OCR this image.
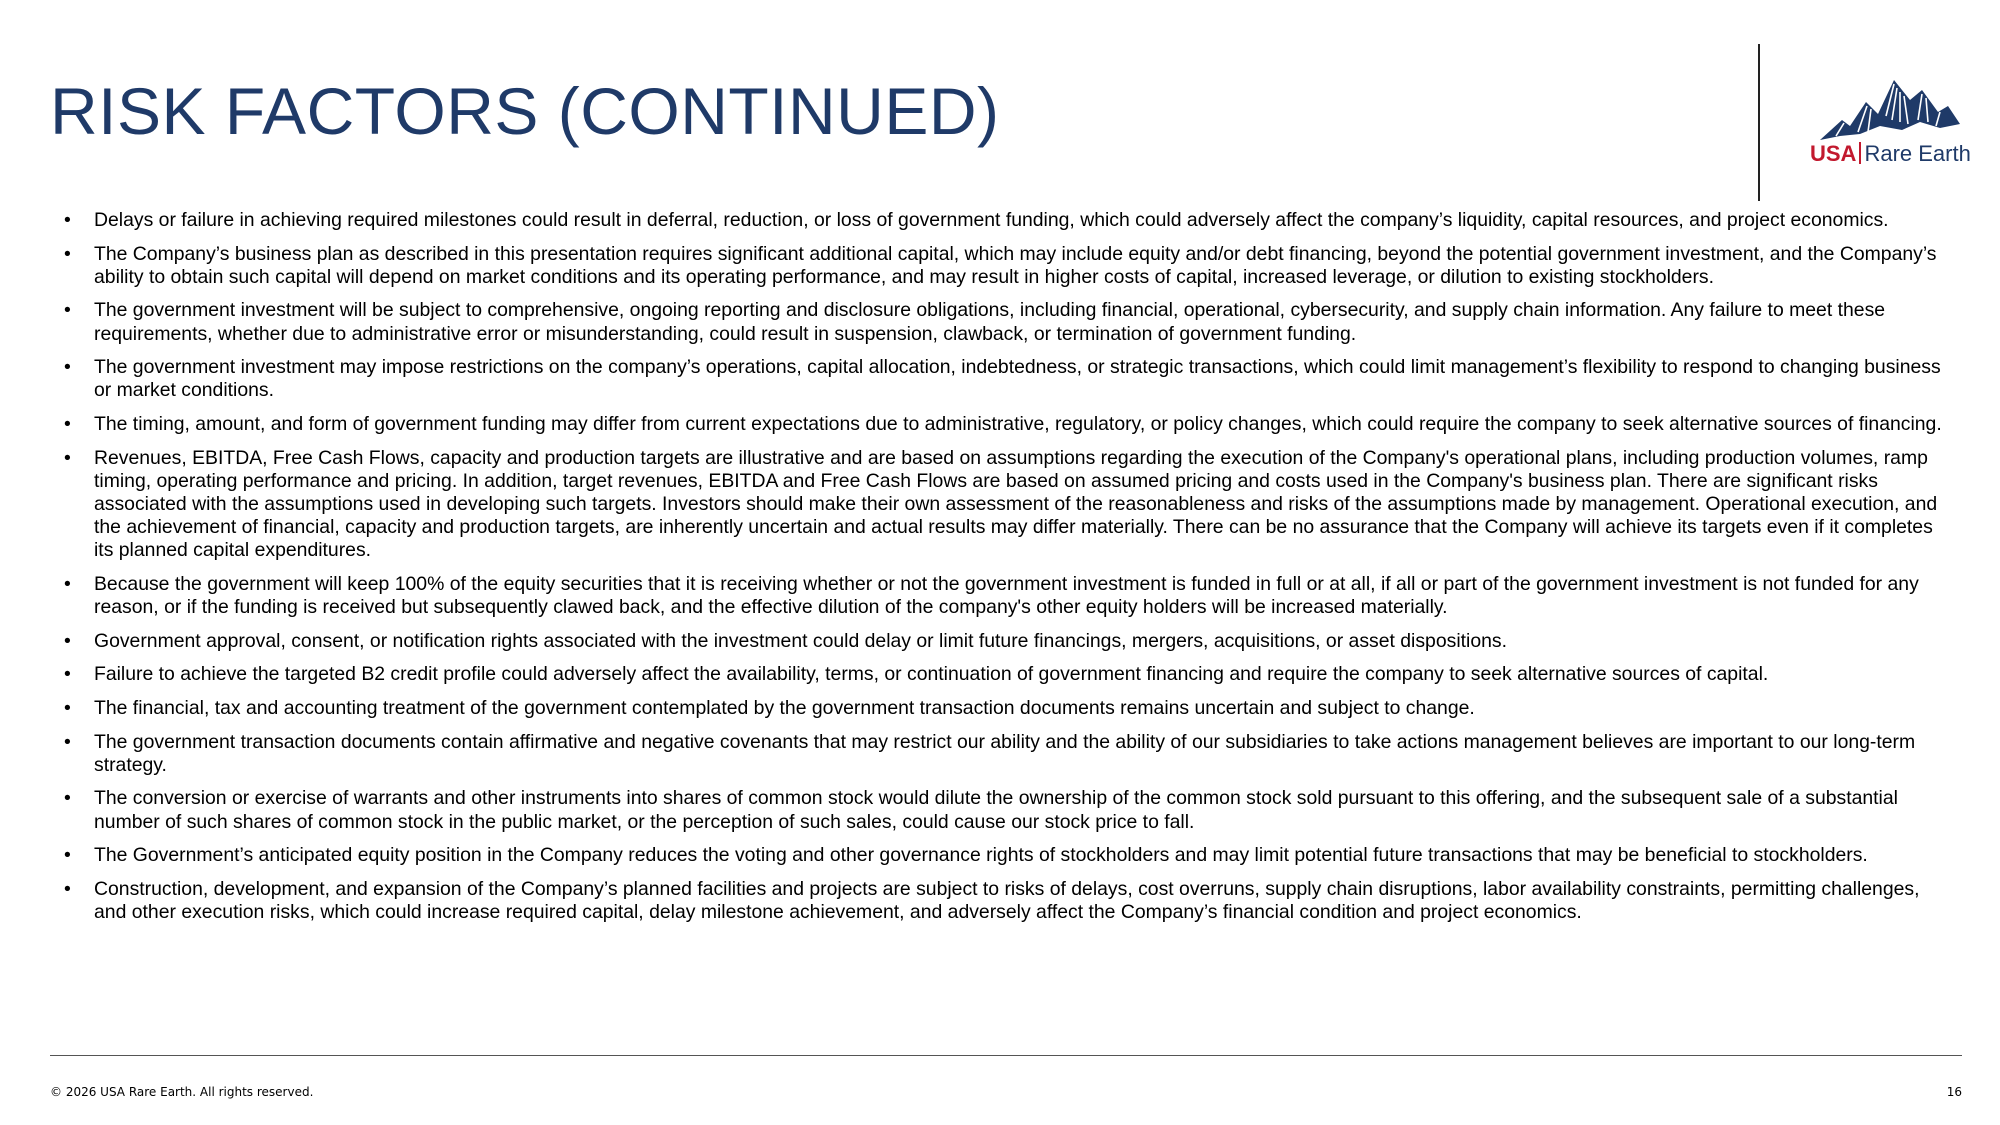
RISK FACTORS (CONTINUED)
USA Rare Earth
• Delays or failure in achieving required milestones could result in deferral, reduction, or loss of government funding, which could adversely affect the company’s liquidity, capital resources, and project economics.
• The Company’s business plan as described in this presentation requires significant additional capital, which may include equity and/or debt financing, beyond the potential government investment, and the Company’s ability to obtain such capital will depend on market conditions and its operating performance, and may result in higher costs of capital, increased leverage, or dilution to existing stockholders.
• The government investment will be subject to comprehensive, ongoing reporting and disclosure obligations, including financial, operational, cybersecurity, and supply chain information. Any failure to meet these requirements, whether due to administrative error or misunderstanding, could result in suspension, clawback, or termination of government funding.
• The government investment may impose restrictions on the company’s operations, capital allocation, indebtedness, or strategic transactions, which could limit management’s flexibility to respond to changing business or market conditions.
• The timing, amount, and form of government funding may differ from current expectations due to administrative, regulatory, or policy changes, which could require the company to seek alternative sources of financing.
• Revenues, EBITDA, Free Cash Flows, capacity and production targets are illustrative and are based on assumptions regarding the execution of the Company's operational plans, including production volumes, ramp timing, operating performance and pricing. In addition, target revenues, EBITDA and Free Cash Flows are based on assumed pricing and costs used in the Company's business plan. There are significant risks associated with the assumptions used in developing such targets. Investors should make their own assessment of the reasonableness and risks of the assumptions made by management. Operational execution, and the achievement of financial, capacity and production targets, are inherently uncertain and actual results may differ materially. There can be no assurance that the Company will achieve its targets even if it completes its planned capital expenditures.
• Because the government will keep 100% of the equity securities that it is receiving whether or not the government investment is funded in full or at all, if all or part of the government investment is not funded for any reason, or if the funding is received but subsequently clawed back, and the effective dilution of the company's other equity holders will be increased materially.
• Government approval, consent, or notification rights associated with the investment could delay or limit future financings, mergers, acquisitions, or asset dispositions.
• Failure to achieve the targeted B2 credit profile could adversely affect the availability, terms, or continuation of government financing and require the company to seek alternative sources of capital.
• The financial, tax and accounting treatment of the government contemplated by the government transaction documents remains uncertain and subject to change.
• The government transaction documents contain affirmative and negative covenants that may restrict our ability and the ability of our subsidiaries to take actions management believes are important to our long-term strategy.
• The conversion or exercise of warrants and other instruments into shares of common stock would dilute the ownership of the common stock sold pursuant to this offering, and the subsequent sale of a substantial number of such shares of common stock in the public market, or the perception of such sales, could cause our stock price to fall.
• The Government’s anticipated equity position in the Company reduces the voting and other governance rights of stockholders and may limit potential future transactions that may be beneficial to stockholders.
• Construction, development, and expansion of the Company’s planned facilities and projects are subject to risks of delays, cost overruns, supply chain disruptions, labor availability constraints, permitting challenges, and other execution risks, which could increase required capital, delay milestone achievement, and adversely affect the Company’s financial condition and project economics.
© 2026 USA Rare Earth. All rights reserved.	16
